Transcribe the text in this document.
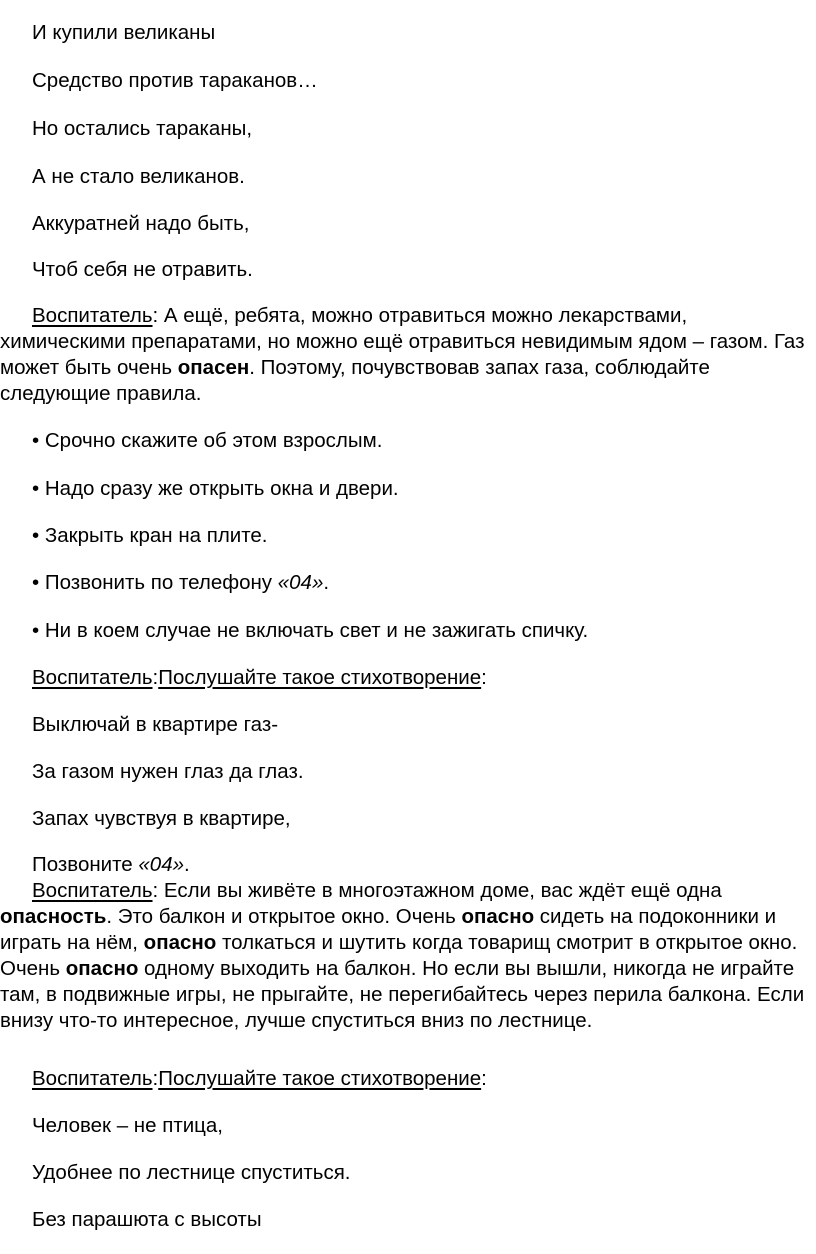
И купили великаны
Средство против тараканов…
Но остались тараканы,
А не стало великанов.
Аккуратней надо быть,
Чтоб себя не отравить.
Воспитатель: А ещё, ребята, можно отравиться можно лекарствами, химическими препаратами, но можно ещё отравиться невидимым ядом – газом. Газ может быть очень опасен. Поэтому, почувствовав запах газа, соблюдайте следующие правила.
• Срочно скажите об этом взрослым.
• Надо сразу же открыть окна и двери.
• Закрыть кран на плите.
• Позвонить по телефону «04».
• Ни в коем случае не включать свет и не зажигать спичку.
Воспитатель:Послушайте такое стихотворение:
Выключай в квартире газ-
За газом нужен глаз да глаз.
Запах чувствуя в квартире,
Позвоните «04».
Воспитатель: Если вы живёте в многоэтажном доме, вас ждёт ещё одна опасность. Это балкон и открытое окно. Очень опасно сидеть на подоконники и играть на нём, опасно толкаться и шутить когда товарищ смотрит в открытое окно. Очень опасно одному выходить на балкон. Но если вы вышли, никогда не играйте там, в подвижные игры, не прыгайте, не перегибайтесь через перила балкона. Если внизу что-то интересное, лучше спуститься вниз по лестнице.
Воспитатель:Послушайте такое стихотворение:
Человек – не птица,
Удобнее по лестнице спуститься.
Без парашюта с высоты
